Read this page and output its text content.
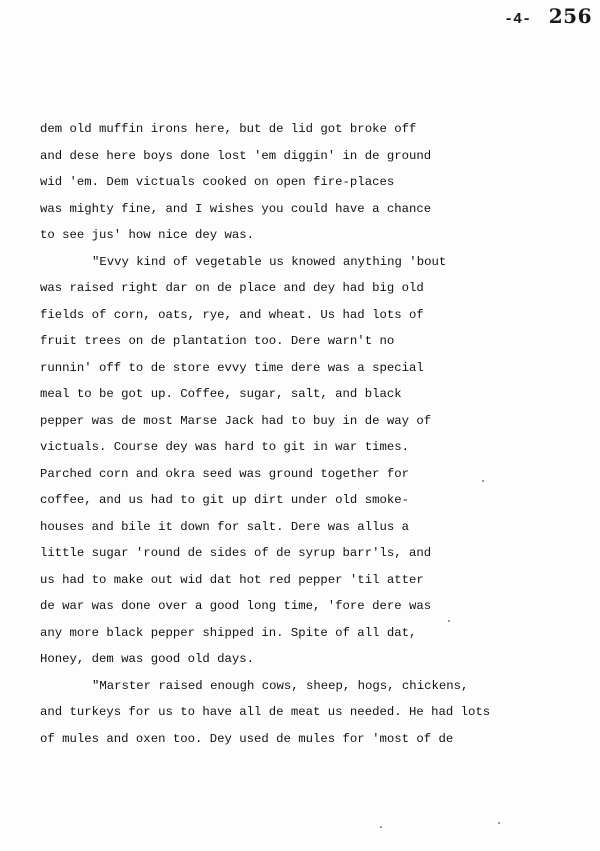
-4- 256
dem old muffin irons here, but de lid got broke off
and dese here boys done lost 'em diggin' in de ground
wid 'em. Dem victuals cooked on open fire-places
was mighty fine, and I wishes you could have a chance
to see jus' how nice dey was.
"Evvy kind of vegetable us knowed anything 'bout
was raised right dar on de place and dey had big old
fields of corn, oats, rye, and wheat. Us had lots of
fruit trees on de plantation too. Dere warn't no
runnin' off to de store evvy time dere was a special
meal to be got up. Coffee, sugar, salt, and black
pepper was de most Marse Jack had to buy in de way of
victuals. Course dey was hard to git in war times.
Parched corn and okra seed was ground together for
coffee, and us had to git up dirt under old smoke-
houses and bile it down for salt. Dere was allus a
little sugar 'round de sides of de syrup barr'ls, and
us had to make out wid dat hot red pepper 'til atter
de war was done over a good long time, 'fore dere was
any more black pepper shipped in. Spite of all dat,
Honey, dem was good old days.
"Marster raised enough cows, sheep, hogs, chickens,
and turkeys for us to have all de meat us needed. He had lots
of mules and oxen too. Dey used de mules for 'most of de
